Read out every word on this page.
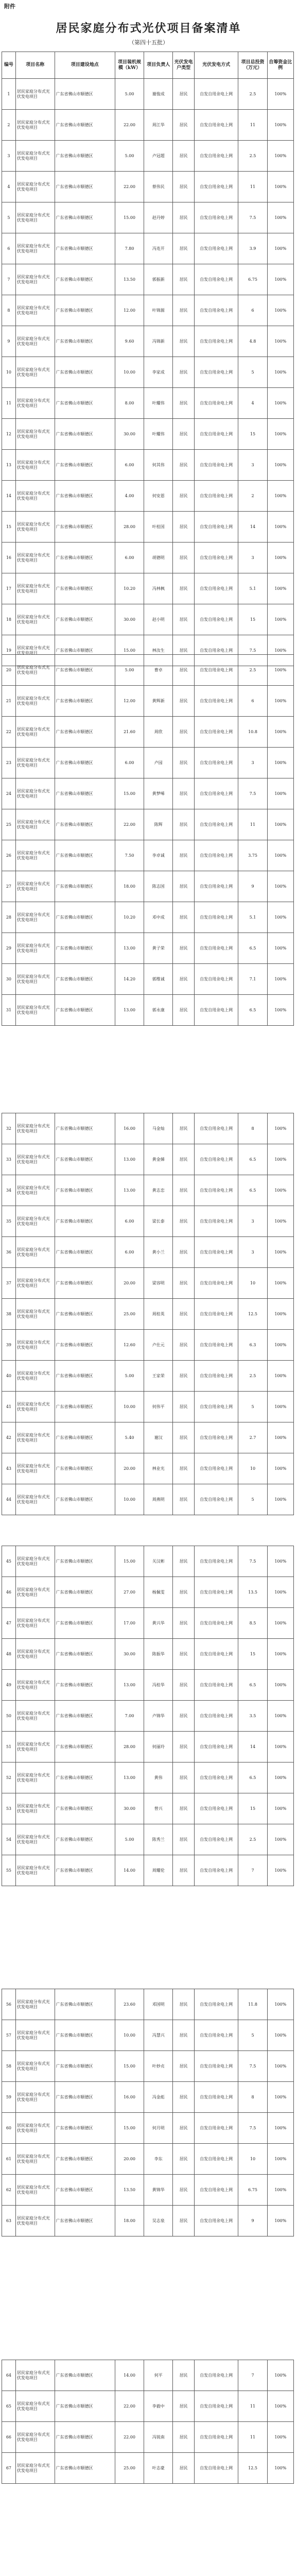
附件
居民家庭分布式光伏项目备案清单
（第四十五批）
编号	项目名称	项目建设地点	项目装机规模（kW）	项目负责人	光伏发电户类型	光伏发电方式	项目总投资（万元）	自筹资金比例
1	居民家庭分布式光伏发电项目	广东省佛山市顺德区	5.00	谢俊成	居民	自发自用余电上网	2.5	100%
2	居民家庭分布式光伏发电项目	广东省佛山市顺德区	22.00	周江华	居民	自发自用余电上网	11	100%
3	居民家庭分布式光伏发电项目	广东省佛山市顺德区	5.00	卢冠超	居民	自发自用余电上网	2.5	100%
4	居民家庭分布式光伏发电项目	广东省佛山市顺德区	22.00	蔡伟民	居民	自发自用余电上网	11	100%
5	居民家庭分布式光伏发电项目	广东省佛山市顺德区	15.00	赵丹婷	居民	自发自用余电上网	7.5	100%
6	居民家庭分布式光伏发电项目	广东省佛山市顺德区	7.80	冯连开	居民	自发自用余电上网	3.9	100%
7	居民家庭分布式光伏发电项目	广东省佛山市顺德区	13.50	郭振新	居民	自发自用余电上网	6.75	100%
8	居民家庭分布式光伏发电项目	广东省佛山市顺德区	12.00	叶锦源	居民	自发自用余电上网	6	100%
9	居民家庭分布式光伏发电项目	广东省佛山市顺德区	9.60	冯锦新	居民	自发自用余电上网	4.8	100%
10	居民家庭分布式光伏发电项目	广东省佛山市顺德区	10.00	李家成	居民	自发自用余电上网	5	100%
11	居民家庭分布式光伏发电项目	广东省佛山市顺德区	8.00	叶耀伟	居民	自发自用余电上网	4	100%
12	居民家庭分布式光伏发电项目	广东省佛山市顺德区	30.00	叶耀伟	居民	自发自用余电上网	15	100%
13	居民家庭分布式光伏发电项目	广东省佛山市顺德区	6.00	何其伟	居民	自发自用余电上网	3	100%
14	居民家庭分布式光伏发电项目	广东省佛山市顺德区	4.00	何安恩	居民	自发自用余电上网	2	100%
15	居民家庭分布式光伏发电项目	广东省佛山市顺德区	28.00	叶桂国	居民	自发自用余电上网	14	100%
16	居民家庭分布式光伏发电项目	广东省佛山市顺德区	6.00	胡德明	居民	自发自用余电上网	3	100%
17	居民家庭分布式光伏发电项目	广东省佛山市顺德区	10.20	冯林枫	居民	自发自用余电上网	5.1	100%
18	居民家庭分布式光伏发电项目	广东省佛山市顺德区	30.00	赵小明	居民	自发自用余电上网	15	100%
19	居民家庭分布式光伏发电项目	广东省佛山市顺德区	15.00	林汝生	居民	自发自用余电上网	7.5	100%
20	居民家庭分布式光伏发电项目	广东省佛山市顺德区	5.00	曹卓	居民	自发自用余电上网	2.5	100%
21	居民家庭分布式光伏发电项目	广东省佛山市顺德区	12.00	黄辉新	居民	自发自用余电上网	6	100%
22	居民家庭分布式光伏发电项目	广东省佛山市顺德区	21.60	周欣	居民	自发自用余电上网	10.8	100%
23	居民家庭分布式光伏发电项目	广东省佛山市顺德区	6.00	卢园	居民	自发自用余电上网	3	100%
24	居民家庭分布式光伏发电项目	广东省佛山市顺德区	15.00	黄梦唏	居民	自发自用余电上网	7.5	100%
25	居民家庭分布式光伏发电项目	广东省佛山市顺德区	22.00	陈辉	居民	自发自用余电上网	11	100%
26	居民家庭分布式光伏发电项目	广东省佛山市顺德区	7.50	李卓诚	居民	自发自用余电上网	3.75	100%
27	居民家庭分布式光伏发电项目	广东省佛山市顺德区	18.00	陈志国	居民	自发自用余电上网	9	100%
28	居民家庭分布式光伏发电项目	广东省佛山市顺德区	10.20	邓中成	居民	自发自用余电上网	5.1	100%
29	居民家庭分布式光伏发电项目	广东省佛山市顺德区	13.00	黄子荣	居民	自发自用余电上网	6.5	100%
30	居民家庭分布式光伏发电项目	广东省佛山市顺德区	14.20	郭维诚	居民	自发自用余电上网	7.1	100%
31	居民家庭分布式光伏发电项目	广东省佛山市顺德区	13.00	郭永康	居民	自发自用余电上网	6.5	100%
32	居民家庭分布式光伏发电项目	广东省佛山市顺德区	16.00	马金灿	居民	自发自用余电上网	8	100%
33	居民家庭分布式光伏发电项目	广东省佛山市顺德区	13.00	黄金娣	居民	自发自用余电上网	6.5	100%
34	居民家庭分布式光伏发电项目	广东省佛山市顺德区	13.00	黄志忠	居民	自发自用余电上网	6.5	100%
35	居民家庭分布式光伏发电项目	广东省佛山市顺德区	6.00	梁长泰	居民	自发自用余电上网	3	100%
36	居民家庭分布式光伏发电项目	广东省佛山市顺德区	6.00	黄小兰	居民	自发自用余电上网	3	100%
37	居民家庭分布式光伏发电项目	广东省佛山市顺德区	20.00	梁容明	居民	自发自用余电上网	10	100%
38	居民家庭分布式光伏发电项目	广东省佛山市顺德区	25.00	周桂英	居民	自发自用余电上网	12.5	100%
39	居民家庭分布式光伏发电项目	广东省佛山市顺德区	12.60	卢仕元	居民	自发自用余电上网	6.3	100%
40	居民家庭分布式光伏发电项目	广东省佛山市顺德区	5.00	王家荣	居民	自发自用余电上网	2.5	100%
41	居民家庭分布式光伏发电项目	广东省佛山市顺德区	10.00	何伟平	居民	自发自用余电上网	5	100%
42	居民家庭分布式光伏发电项目	广东省佛山市顺德区	5.40	谢汉	居民	自发自用余电上网	2.7	100%
43	居民家庭分布式光伏发电项目	广东省佛山市顺德区	20.00	林业光	居民	自发自用余电上网	10	100%
44	居民家庭分布式光伏发电项目	广东省佛山市顺德区	10.00	周燕明	居民	自发自用余电上网	5	100%
45	居民家庭分布式光伏发电项目	广东省佛山市顺德区	15.00	关汉彬	居民	自发自用余电上网	7.5	100%
46	居民家庭分布式光伏发电项目	广东省佛山市顺德区	27.00	杨佩雯	居民	自发自用余电上网	13.5	100%
47	居民家庭分布式光伏发电项目	广东省佛山市顺德区	17.00	黄兴华	居民	自发自用余电上网	8.5	100%
48	居民家庭分布式光伏发电项目	广东省佛山市顺德区	30.00	陈振华	居民	自发自用余电上网	15	100%
49	居民家庭分布式光伏发电项目	广东省佛山市顺德区	13.00	冯桂华	居民	自发自用余电上网	6.5	100%
50	居民家庭分布式光伏发电项目	广东省佛山市顺德区	7.00	卢锦华	居民	自发自用余电上网	3.5	100%
51	居民家庭分布式光伏发电项目	广东省佛山市顺德区	28.00	何丽玲	居民	自发自用余电上网	14	100%
52	居民家庭分布式光伏发电项目	广东省佛山市顺德区	13.00	黄伟	居民	自发自用余电上网	6.5	100%
53	居民家庭分布式光伏发电项目	广东省佛山市顺德区	30.00	曾兴	居民	自发自用余电上网	15	100%
54	居民家庭分布式光伏发电项目	广东省佛山市顺德区	5.00	陈秀兰	居民	自发自用余电上网	2.5	100%
55	居民家庭分布式光伏发电项目	广东省佛山市顺德区	14.00	周耀伦	居民	自发自用余电上网	7	100%
56	居民家庭分布式光伏发电项目	广东省佛山市顺德区	23.60	邓国明	居民	自发自用余电上网	11.8	100%
57	居民家庭分布式光伏发电项目	广东省佛山市顺德区	10.00	冯慧兴	居民	自发自用余电上网	5	100%
58	居民家庭分布式光伏发电项目	广东省佛山市顺德区	15.00	叶妙贞	居民	自发自用余电上网	7.5	100%
59	居民家庭分布式光伏发电项目	广东省佛山市顺德区	16.00	冯金彪	居民	自发自用余电上网	8	100%
60	居民家庭分布式光伏发电项目	广东省佛山市顺德区	15.00	何月明	居民	自发自用余电上网	7.5	100%
61	居民家庭分布式光伏发电项目	广东省佛山市顺德区	20.00	李东	居民	自发自用余电上网	10	100%
62	居民家庭分布式光伏发电项目	广东省佛山市顺德区	13.50	黄锦华	居民	自发自用余电上网	6.75	100%
63	居民家庭分布式光伏发电项目	广东省佛山市顺德区	18.00	吴志泉	居民	自发自用余电上网	9	100%
64	居民家庭分布式光伏发电项目	广东省佛山市顺德区	14.00	何平	居民	自发自用余电上网	7	100%
65	居民家庭分布式光伏发电项目	广东省佛山市顺德区	22.00	李毅中	居民	自发自用余电上网	11	100%
66	居民家庭分布式光伏发电项目	广东省佛山市顺德区	22.00	冯锐南	居民	自发自用余电上网	11	100%
67	居民家庭分布式光伏发电项目	广东省佛山市顺德区	25.00	叶志豪	居民	自发自用余电上网	12.5	100%
